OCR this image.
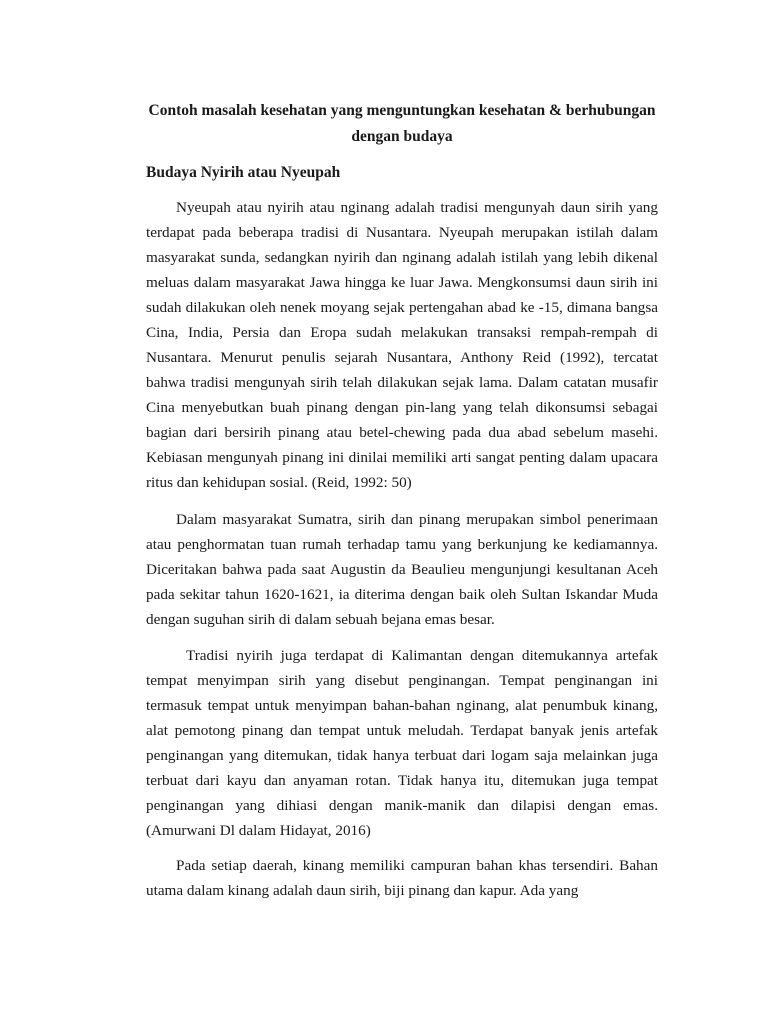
Contoh masalah kesehatan yang menguntungkan kesehatan & berhubungan
dengan budaya
Budaya Nyirih atau Nyeupah

Nyeupah atau nyirih atau nginang adalah tradisi mengunyah daun sirih yang terdapat pada beberapa tradisi di Nusantara. Nyeupah merupakan istilah dalam masyarakat sunda, sedangkan nyirih dan nginang adalah istilah yang lebih dikenal meluas dalam masyarakat Jawa hingga ke luar Jawa. Mengkonsumsi daun sirih ini sudah dilakukan oleh nenek moyang sejak pertengahan abad ke -15, dimana bangsa Cina, India, Persia dan Eropa sudah melakukan transaksi rempah-rempah di Nusantara. Menurut penulis sejarah Nusantara, Anthony Reid (1992), tercatat bahwa tradisi mengunyah sirih telah dilakukan sejak lama. Dalam catatan musafir Cina menyebutkan buah pinang dengan pin-lang yang telah dikonsumsi sebagai bagian dari bersirih pinang atau betel-chewing pada dua abad sebelum masehi. Kebiasan mengunyah pinang ini dinilai memiliki arti sangat penting dalam upacara ritus dan kehidupan sosial. (Reid, 1992: 50)

Dalam masyarakat Sumatra, sirih dan pinang merupakan simbol penerimaan atau penghormatan tuan rumah terhadap tamu yang berkunjung ke kediamannya. Diceritakan bahwa pada saat Augustin da Beaulieu mengunjungi kesultanan Aceh pada sekitar tahun 1620-1621, ia diterima dengan baik oleh Sultan Iskandar Muda dengan suguhan sirih di dalam sebuah bejana emas besar.

Tradisi nyirih juga terdapat di Kalimantan dengan ditemukannya artefak tempat menyimpan sirih yang disebut penginangan. Tempat penginangan ini termasuk tempat untuk menyimpan bahan-bahan nginang, alat penumbuk kinang, alat pemotong pinang dan tempat untuk meludah. Terdapat banyak jenis artefak penginangan yang ditemukan, tidak hanya terbuat dari logam saja melainkan juga terbuat dari kayu dan anyaman rotan. Tidak hanya itu, ditemukan juga tempat penginangan yang dihiasi dengan manik-manik dan dilapisi dengan emas. (Amurwani Dl dalam Hidayat, 2016)

Pada setiap daerah, kinang memiliki campuran bahan khas tersendiri. Bahan utama dalam kinang adalah daun sirih, biji pinang dan kapur. Ada yang
